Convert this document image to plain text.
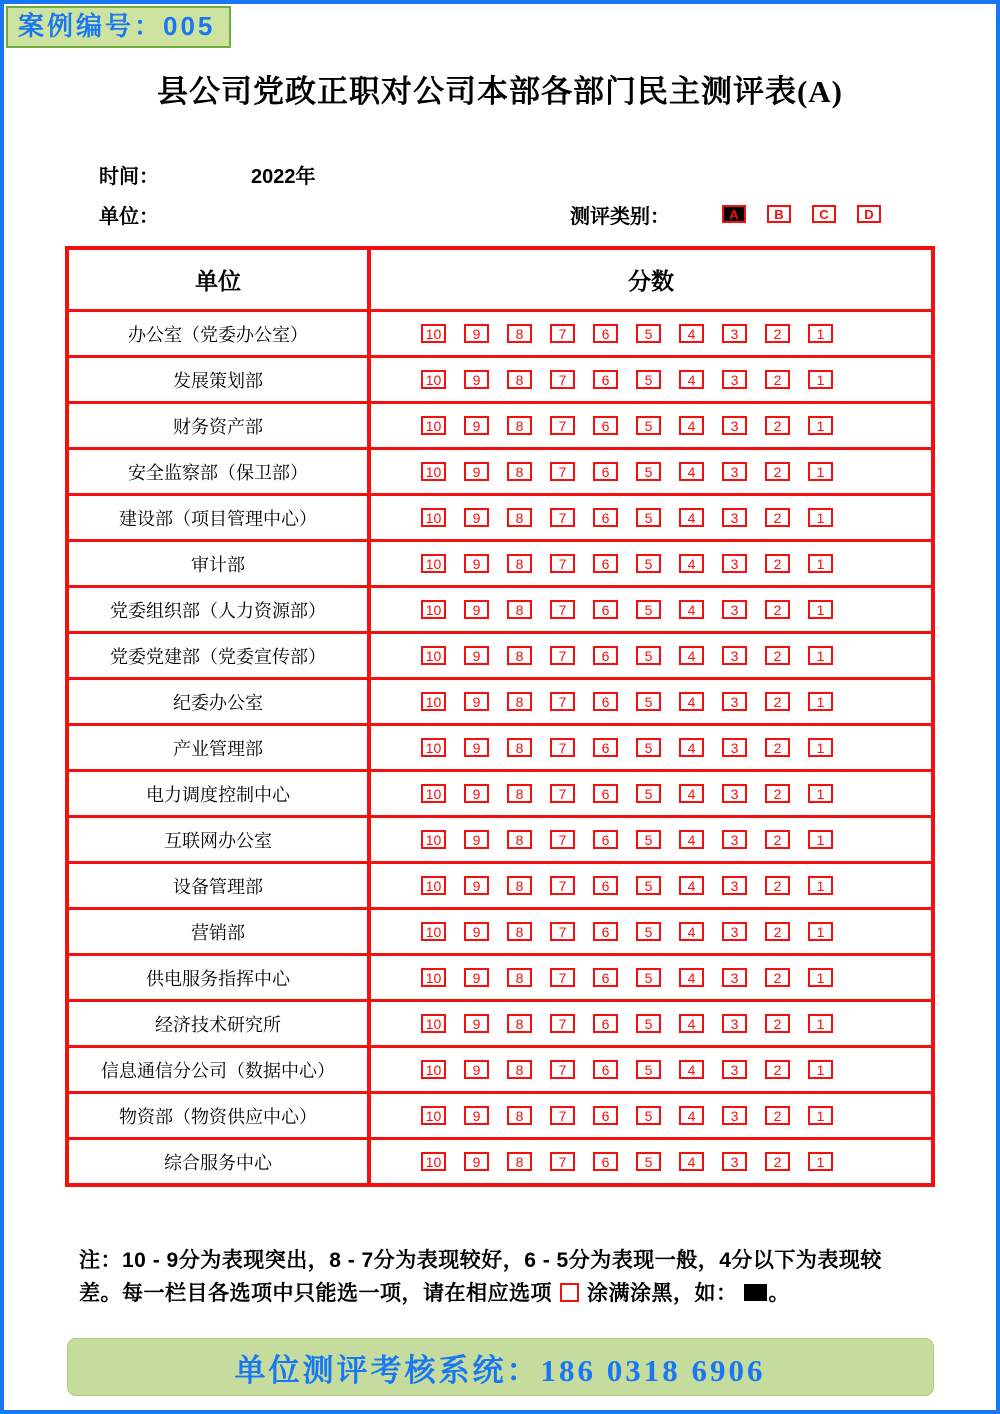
案例编号：005
县公司党政正职对公司本部各部门民主测评表(A)
时间：	2022年
单位：	测评类别：	A	B	C	D
单位	分数
办公室（党委办公室）	10	9	8	7	6	5	4	3	2	1
发展策划部	10	9	8	7	6	5	4	3	2	1
财务资产部	10	9	8	7	6	5	4	3	2	1
安全监察部（保卫部）	10	9	8	7	6	5	4	3	2	1
建设部（项目管理中心）	10	9	8	7	6	5	4	3	2	1
审计部	10	9	8	7	6	5	4	3	2	1
党委组织部（人力资源部）	10	9	8	7	6	5	4	3	2	1
党委党建部（党委宣传部）	10	9	8	7	6	5	4	3	2	1
纪委办公室	10	9	8	7	6	5	4	3	2	1
产业管理部	10	9	8	7	6	5	4	3	2	1
电力调度控制中心	10	9	8	7	6	5	4	3	2	1
互联网办公室	10	9	8	7	6	5	4	3	2	1
设备管理部	10	9	8	7	6	5	4	3	2	1
营销部	10	9	8	7	6	5	4	3	2	1
供电服务指挥中心	10	9	8	7	6	5	4	3	2	1
经济技术研究所	10	9	8	7	6	5	4	3	2	1
信息通信分公司（数据中心）	10	9	8	7	6	5	4	3	2	1
物资部（物资供应中心）	10	9	8	7	6	5	4	3	2	1
综合服务中心	10	9	8	7	6	5	4	3	2	1
注：10 - 9分为表现突出，8 - 7分为表现较好，6 - 5分为表现一般，4分以下为表现较差。每一栏目各选项中只能选一项，请在相应选项 涂满涂黑，如： 。
单位测评考核系统：186 0318 6906
